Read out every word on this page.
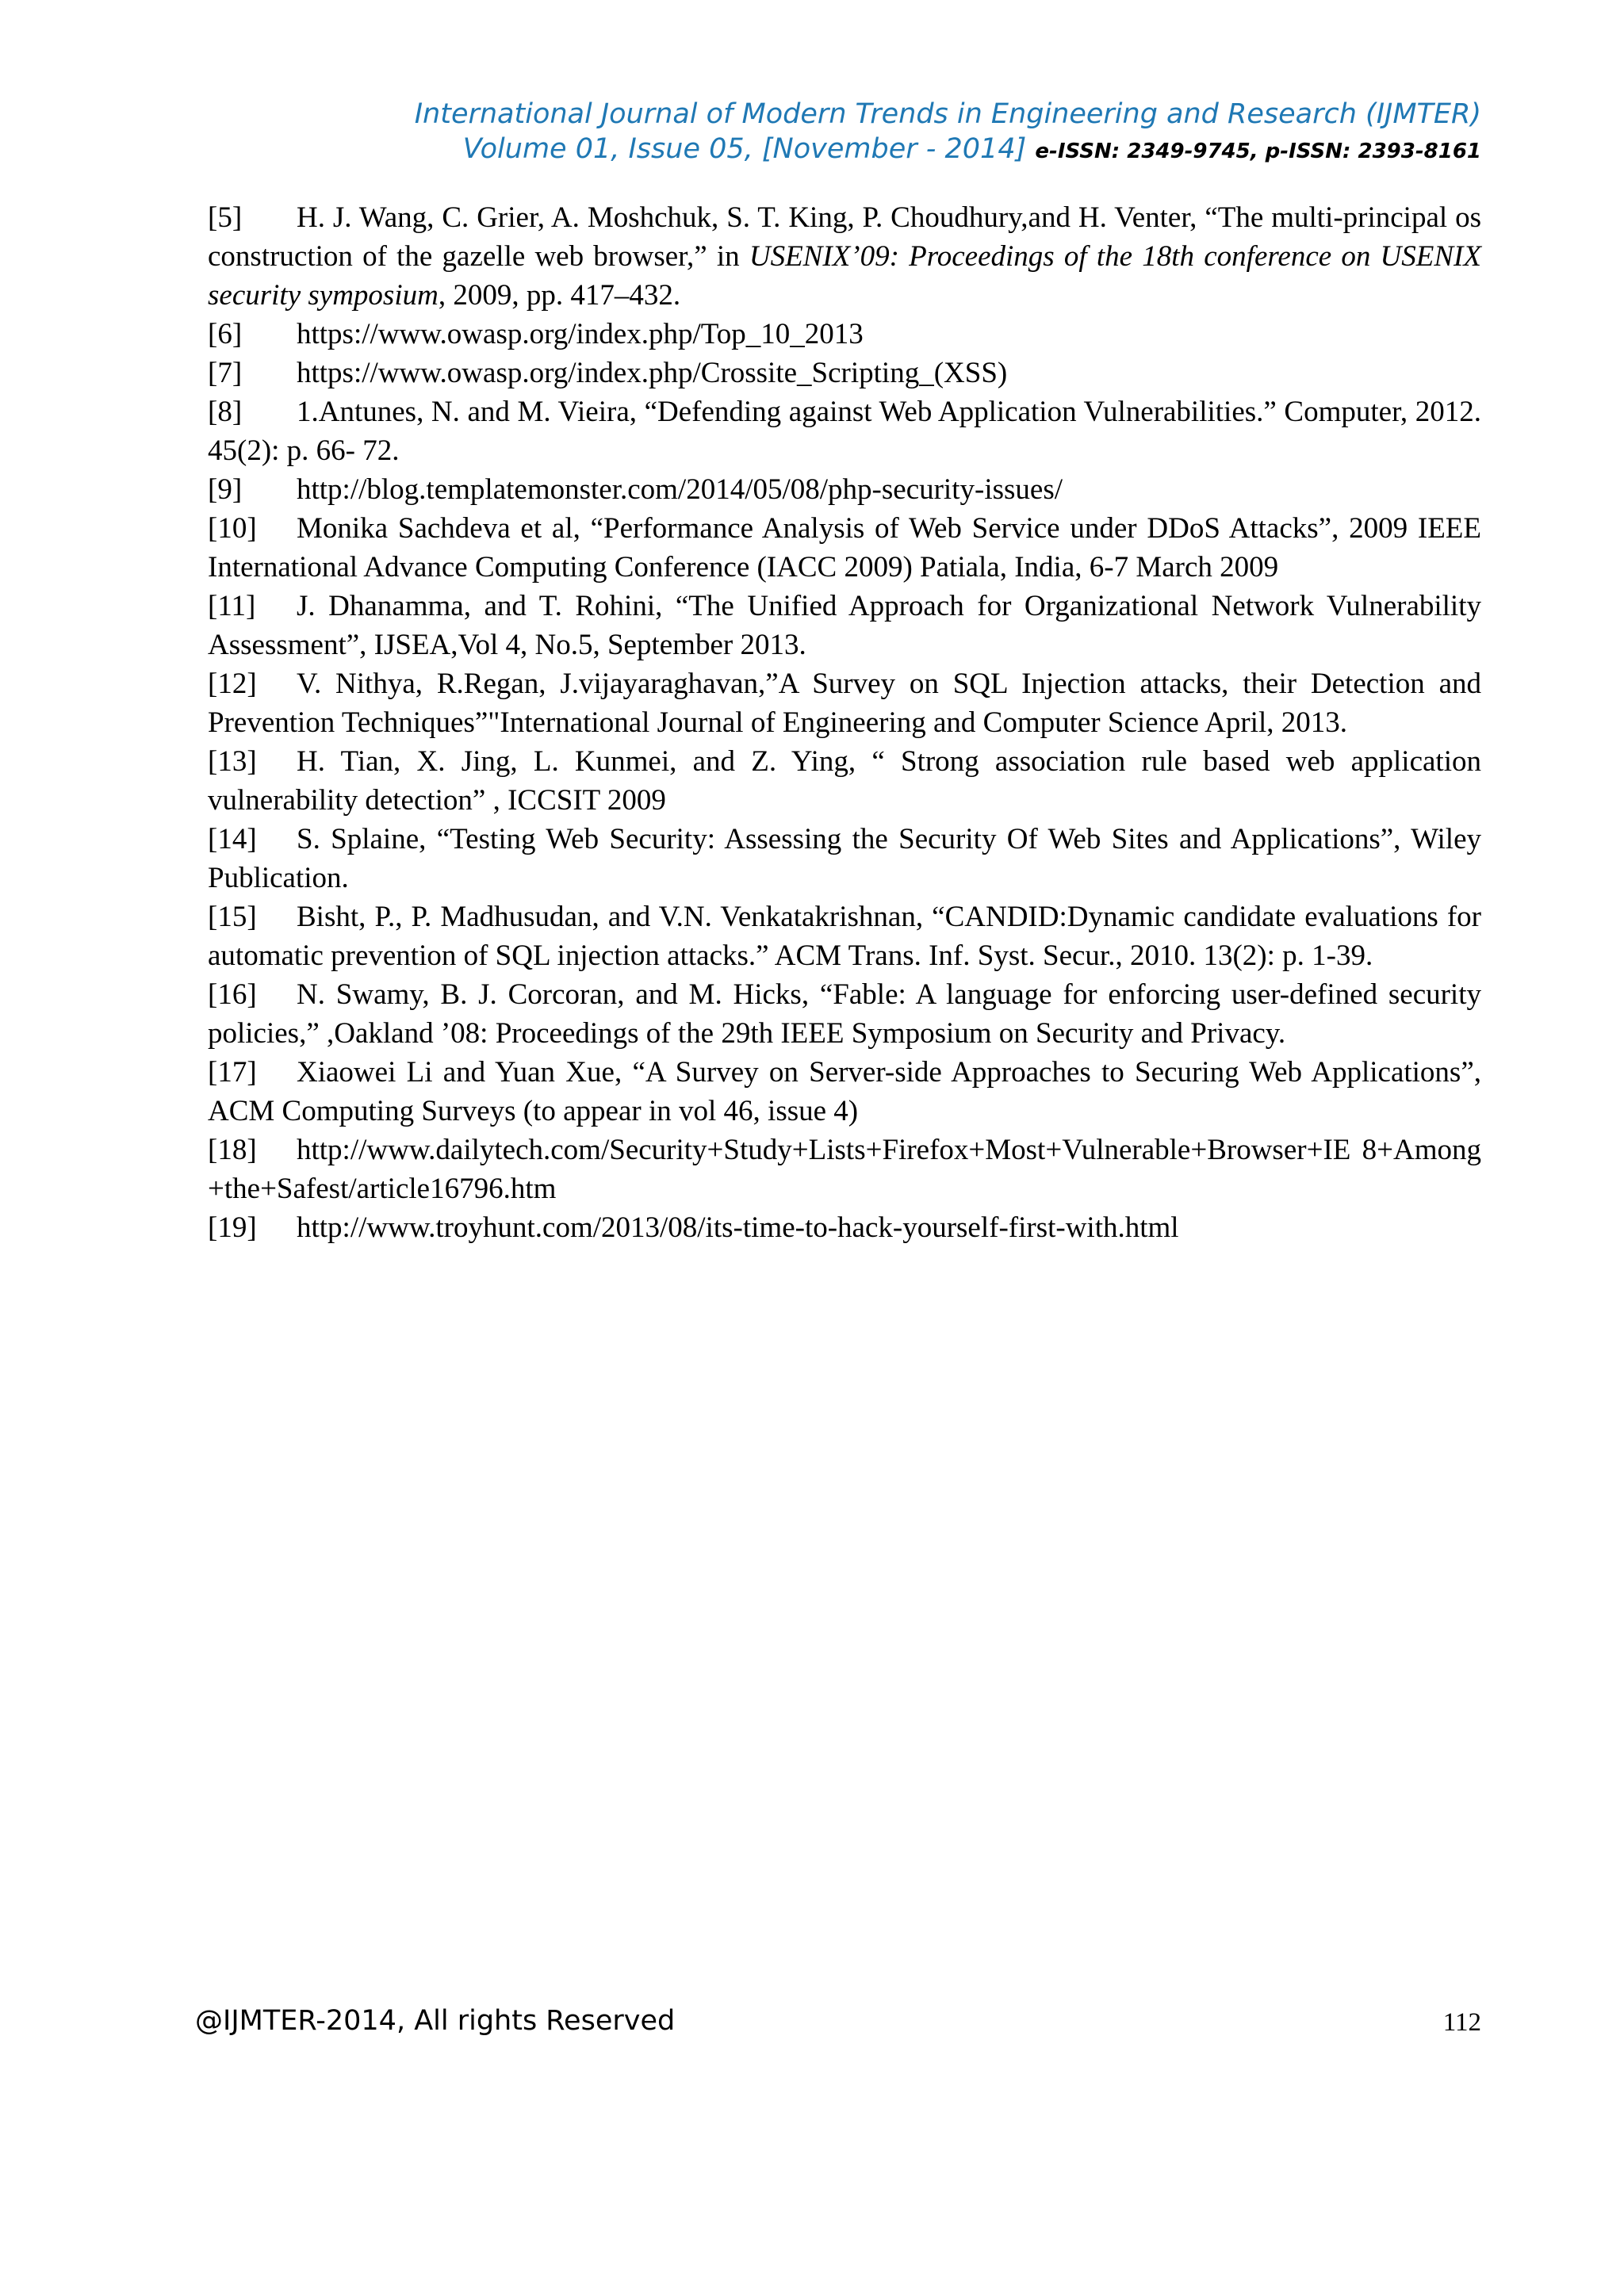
International Journal of Modern Trends in Engineering and Research (IJMTER)
Volume 01, Issue 05, [November - 2014] e-ISSN: 2349-9745, p-ISSN: 2393-8161

[5] H. J. Wang, C. Grier, A. Moshchuk, S. T. King, P. Choudhury,and H. Venter, “The multi-principal os construction of the gazelle web browser,” in USENIX’09: Proceedings of the 18th conference on USENIX security symposium, 2009, pp. 417–432.

[6] https://www.owasp.org/index.php/Top_10_2013

[7] https://www.owasp.org/index.php/Crossite_Scripting_(XSS)

[8] 1.Antunes, N. and M. Vieira, “Defending against Web Application Vulnerabilities.” Computer, 2012. 45(2): p. 66- 72.

[9] http://blog.templatemonster.com/2014/05/08/php-security-issues/

[10] Monika Sachdeva et al, “Performance Analysis of Web Service under DDoS Attacks”, 2009 IEEE International Advance Computing Conference (IACC 2009) Patiala, India, 6-7 March 2009

[11] J. Dhanamma, and T. Rohini, “The Unified Approach for Organizational Network Vulnerability Assessment”, IJSEA,Vol 4, No.5, September 2013.

[12] V. Nithya, R.Regan, J.vijayaraghavan,”A Survey on SQL Injection attacks, their Detection and Prevention Techniques”"International Journal of Engineering and Computer Science April, 2013.

[13] H. Tian, X. Jing, L. Kunmei, and Z. Ying, “ Strong association rule based web application vulnerability detection” , ICCSIT 2009

[14] S. Splaine, “Testing Web Security: Assessing the Security Of Web Sites and Applications”, Wiley Publication.

[15] Bisht, P., P. Madhusudan, and V.N. Venkatakrishnan, “CANDID:Dynamic candidate evaluations for automatic prevention of SQL injection attacks.” ACM Trans. Inf. Syst. Secur., 2010. 13(2): p. 1-39.

[16] N. Swamy, B. J. Corcoran, and M. Hicks, “Fable: A language for enforcing user-defined security policies,” ,Oakland ’08: Proceedings of the 29th IEEE Symposium on Security and Privacy.

[17] Xiaowei Li and Yuan Xue, “A Survey on Server-side Approaches to Securing Web Applications”, ACM Computing Surveys (to appear in vol 46, issue 4)

[18] http://www.dailytech.com/Security+Study+Lists+Firefox+Most+Vulnerable+Browser+IE 8+Among+the+Safest/article16796.htm

[19] http://www.troyhunt.com/2013/08/its-time-to-hack-yourself-first-with.html

@IJMTER-2014, All rights Reserved	112
